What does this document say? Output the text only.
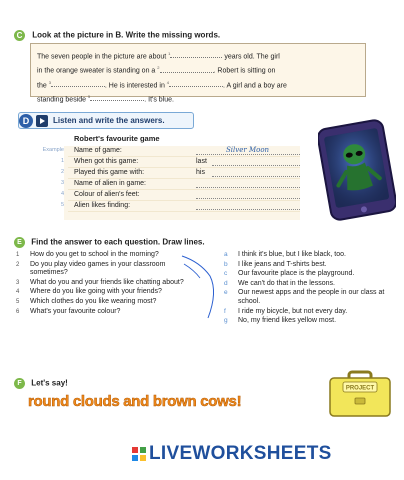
C Look at the picture in B. Write the missing words.
The seven people in the picture are about $^1$	years old. The girl
in the orange sweater is standing on a $^2$	. Robert is sitting on
the $^3$	. He is interested in $^4$	. A girl and a boy are
standing beside $^5$	. It's blue.
D	Listen and write the answers.
Robert's favourite game
Example Name of game:	Silver Moon
1 When got this game:	last
2 Played this game with:	his
3 Name of alien in game:
4 Colour of alien's feet:
5 Alien likes finding:
E Find the answer to each question. Draw lines.
1 How do you get to school in the morning?
2 Do you play video games in your classroom sometimes?
3 What do you and your friends like chatting about?
4 Where do you like going with your friends?
5 Which clothes do you like wearing most?
6 What's your favourite colour?
a I think it's blue, but I like black, too.
b I like jeans and T-shirts best.
c Our favourite place is the playground.
d We can't do that in the lessons.
e Our newest apps and the people in our class at school.
f I ride my bicycle, but not every day.
g No, my friend likes yellow most.
F Let's say!
round clouds and brown cows!
PROJECT
LIVEWORKSHEETS
